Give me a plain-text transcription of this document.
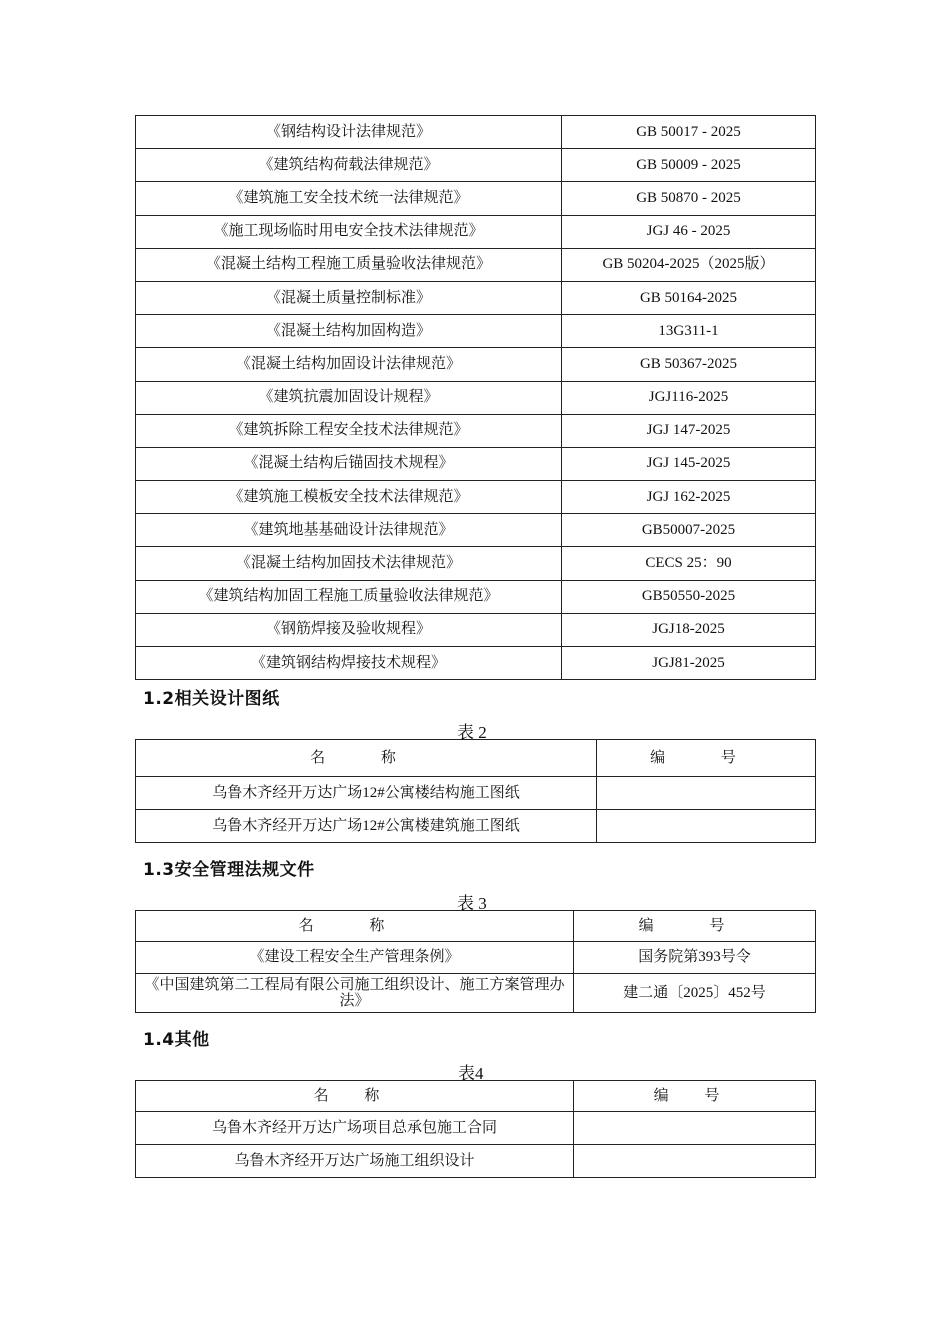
《钢结构设计法律规范》	GB 50017 - 2025
《建筑结构荷载法律规范》	GB 50009 - 2025
《建筑施工安全技术统一法律规范》	GB 50870 - 2025
《施工现场临时用电安全技术法律规范》	JGJ 46 - 2025
《混凝土结构工程施工质量验收法律规范》	GB 50204-2025（2025版）
《混凝土质量控制标准》	GB 50164-2025
《混凝土结构加固构造》	13G311-1
《混凝土结构加固设计法律规范》	GB 50367-2025
《建筑抗震加固设计规程》	JGJ116-2025
《建筑拆除工程安全技术法律规范》	JGJ 147-2025
《混凝土结构后锚固技术规程》	JGJ 145-2025
《建筑施工模板安全技术法律规范》	JGJ 162-2025
《建筑地基基础设计法律规范》	GB50007-2025
《混凝土结构加固技术法律规范》	CECS 25：90
《建筑结构加固工程施工质量验收法律规范》	GB50550-2025
《钢筋焊接及验收规程》	JGJ18-2025
《建筑钢结构焊接技术规程》	JGJ81-2025
1.2相关设计图纸
表 2
名 称	编 号
乌鲁木齐经开万达广场12#公寓楼结构施工图纸	
乌鲁木齐经开万达广场12#公寓楼建筑施工图纸	
1.3安全管理法规文件
表 3
名 称	编 号
《建设工程安全生产管理条例》	国务院第393号令
《中国建筑第二工程局有限公司施工组织设计、施工方案管理办法》	建二通〔2025〕452号
1.4其他
表4
名 称	编 号
乌鲁木齐经开万达广场项目总承包施工合同	
乌鲁木齐经开万达广场施工组织设计	
